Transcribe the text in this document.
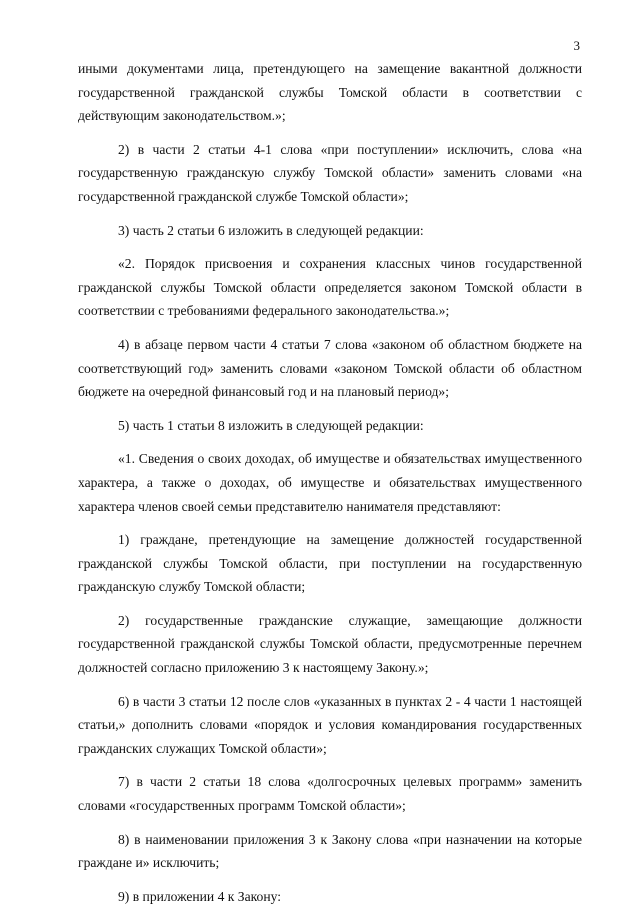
3

иными документами лица, претендующего на замещение вакантной должности государственной гражданской службы Томской области в соответствии с действующим законодательством.»;

2) в части 2 статьи 4-1 слова «при поступлении» исключить, слова «на государственную гражданскую службу Томской области» заменить словами «на государственной гражданской службе Томской области»;

3) часть 2 статьи 6 изложить в следующей редакции:

«2. Порядок присвоения и сохранения классных чинов государственной гражданской службы Томской области определяется законом Томской области в соответствии с требованиями федерального законодательства.»;

4) в абзаце первом части 4 статьи 7 слова «законом об областном бюджете на соответствующий год» заменить словами «законом Томской области об областном бюджете на очередной финансовый год и на плановый период»;

5) часть 1 статьи 8 изложить в следующей редакции:

«1. Сведения о своих доходах, об имуществе и обязательствах имущественного характера, а также о доходах, об имуществе и обязательствах имущественного характера членов своей семьи представителю нанимателя представляют:

1) граждане, претендующие на замещение должностей государственной гражданской службы Томской области, при поступлении на государственную гражданскую службу Томской области;

2) государственные гражданские служащие, замещающие должности государственной гражданской службы Томской области, предусмотренные перечнем должностей согласно приложению 3 к настоящему Закону.»;

6) в части 3 статьи 12 после слов «указанных в пунктах 2 - 4 части 1 настоящей статьи,» дополнить словами «порядок и условия командирования государственных гражданских служащих Томской области»;

7) в части 2 статьи 18 слова «долгосрочных целевых программ» заменить словами «государственных программ Томской области»;

8) в наименовании приложения 3 к Закону слова «при назначении на которые граждане и» исключить;

9) в приложении 4 к Закону:
